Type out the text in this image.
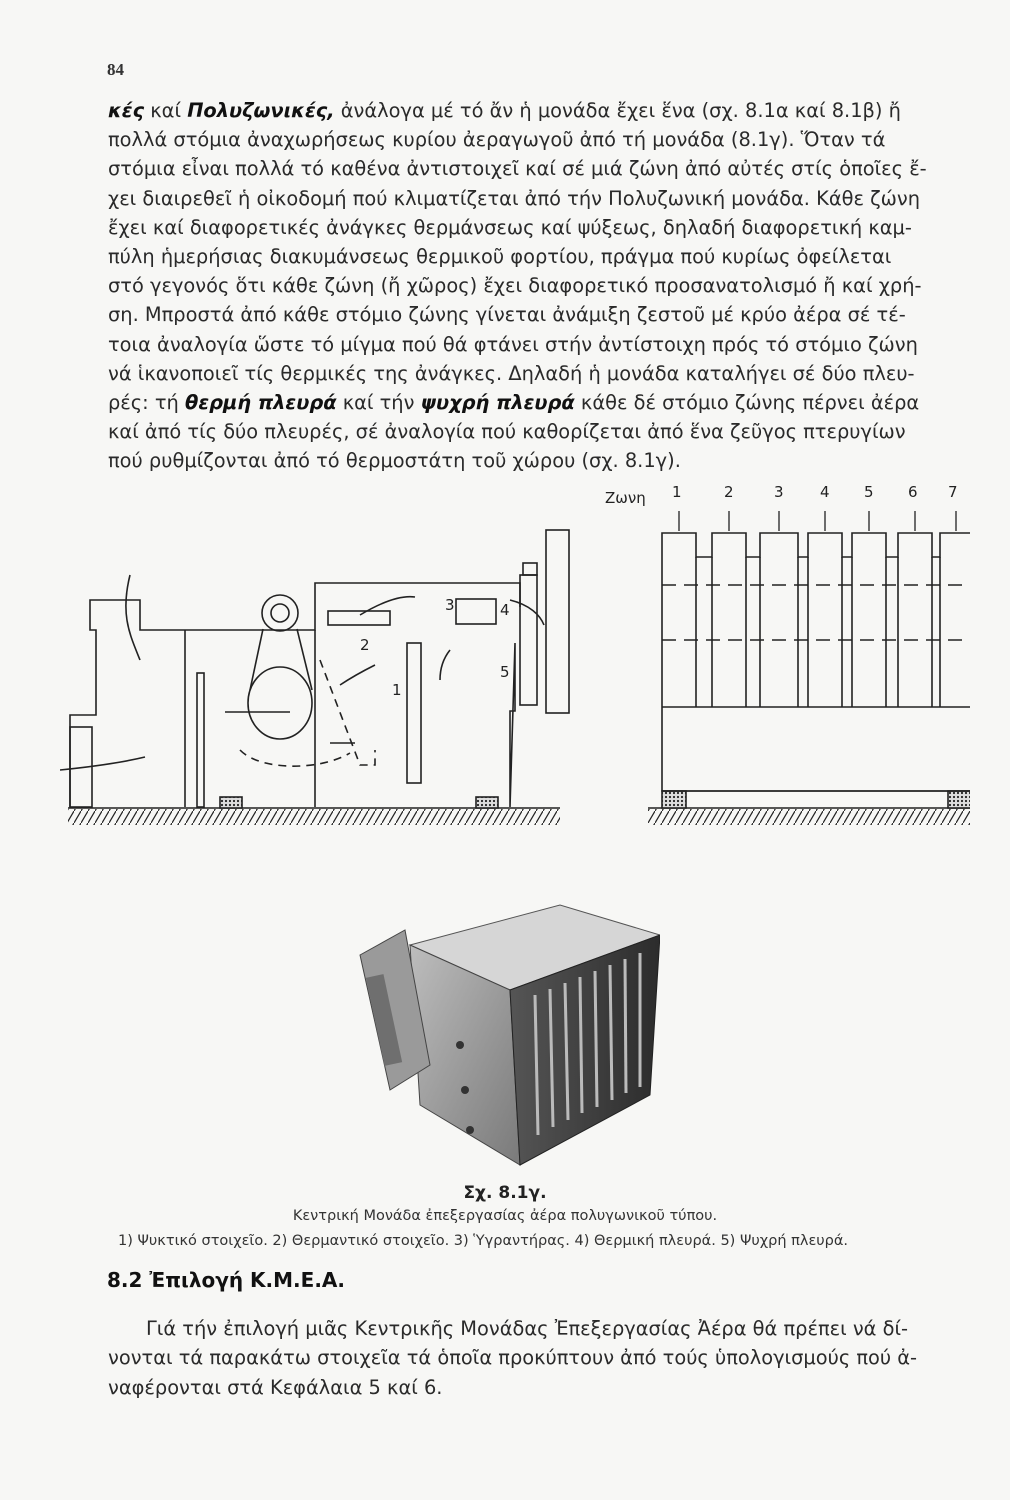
84
κές καί Πολυζωνικές, ἀνάλογα μέ τό ἄν ἡ μονάδα ἔχει ἕνα (σχ. 8.1α καί 8.1β) ἤ
πολλά στόμια ἀναχωρήσεως κυρίου ἀεραγωγοῦ ἀπό τή μονάδα (8.1γ). Ὅταν τά
στόμια εἶναι πολλά τό καθένα ἀντιστοιχεῖ καί σέ μιά ζώνη ἀπό αὐτές στίς ὁποῖες ἔ-
χει διαιρεθεῖ ἡ οἰκοδομή πού κλιματίζεται ἀπό τήν Πολυζωνική μονάδα. Κάθε ζώνη
ἔχει καί διαφορετικές ἀνάγκες θερμάνσεως καί ψύξεως, δηλαδή διαφορετική καμ-
πύλη ἡμερήσιας διακυμάνσεως θερμικοῦ φορτίου, πράγμα πού κυρίως ὀφείλεται
στό γεγονός ὅτι κάθε ζώνη (ἤ χῶρος) ἔχει διαφορετικό προσανατολισμό ἤ καί χρή-
ση. Μπροστά ἀπό κάθε στόμιο ζώνης γίνεται ἀνάμιξη ζεστοῦ μέ κρύο ἀέρα σέ τέ-
τοια ἀναλογία ὥστε τό μίγμα πού θά φτάνει στήν ἀντίστοιχη πρός τό στόμιο ζώνη
νά ἱκανοποιεῖ τίς θερμικές της ἀνάγκες. Δηλαδή ἡ μονάδα καταλήγει σέ δύο πλευ-
ρές: τή θερμή πλευρά καί τήν ψυχρή πλευρά κάθε δέ στόμιο ζώνης πέρνει ἀέρα
καί ἀπό τίς δύο πλευρές, σέ ἀναλογία πού καθορίζεται ἀπό ἕνα ζεῦγος πτερυγίων
πού ρυθμίζονται ἀπό τό θερμοστάτη τοῦ χώρου (σχ. 8.1γ).
Ζωνη 1	2	3 4 5 6 7
1
2
3	4
5
Σχ. 8.1γ.
Κεντρική Μονάδα ἐπεξεργασίας ἀέρα πολυγωνικοῦ τύπου.
1) Ψυκτικό στοιχεῖο. 2) Θερμαντικό στοιχεῖο. 3) Ὑγραντήρας. 4) Θερμική πλευρά. 5) Ψυχρή πλευρά.
8.2 Ἐπιλογή Κ.Μ.Ε.Α.
Γιά τήν ἐπιλογή μιᾶς Κεντρικῆς Μονάδας Ἐπεξεργασίας Ἀέρα θά πρέπει νά δί-
νονται τά παρακάτω στοιχεῖα τά ὁποῖα προκύπτουν ἀπό τούς ὑπολογισμούς πού ἀ-
ναφέρονται στά Κεφάλαια 5 καί 6.
